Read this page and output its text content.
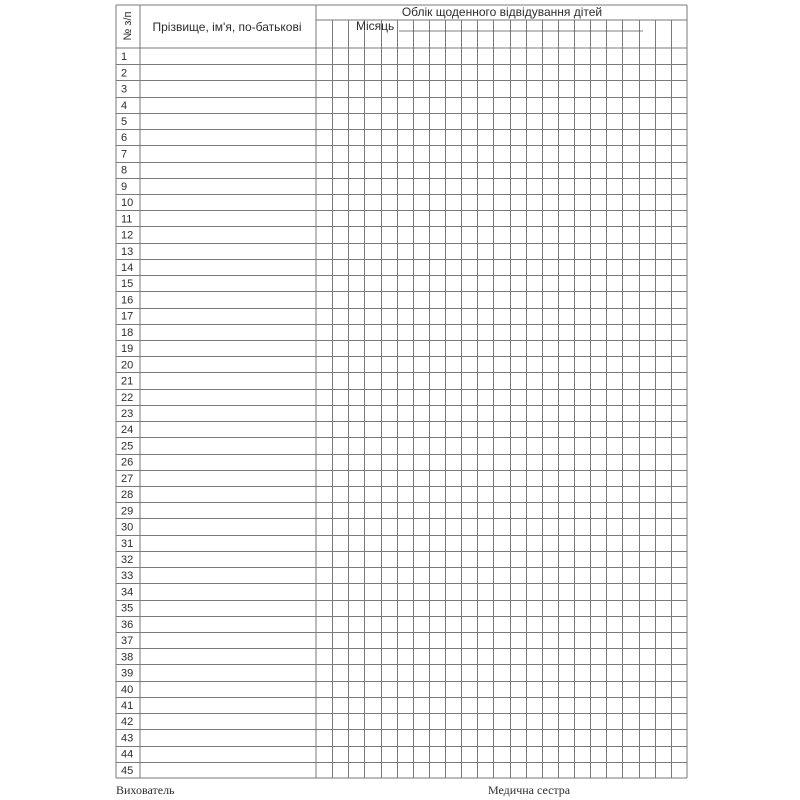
№ з/п Прізвище, ім'я, по-батькові
Облік щоденного відвідування дітей
Місяць
1
2
3
4
5
6
7
8
9
10
11
12
13
14
15
16
17
18
19
20
21
22
23
24
25
26
27
28
29
30
31
32
33
34
35
36
37
38
39
40
41
42
43
44
45
Вихователь	Медична сестра
